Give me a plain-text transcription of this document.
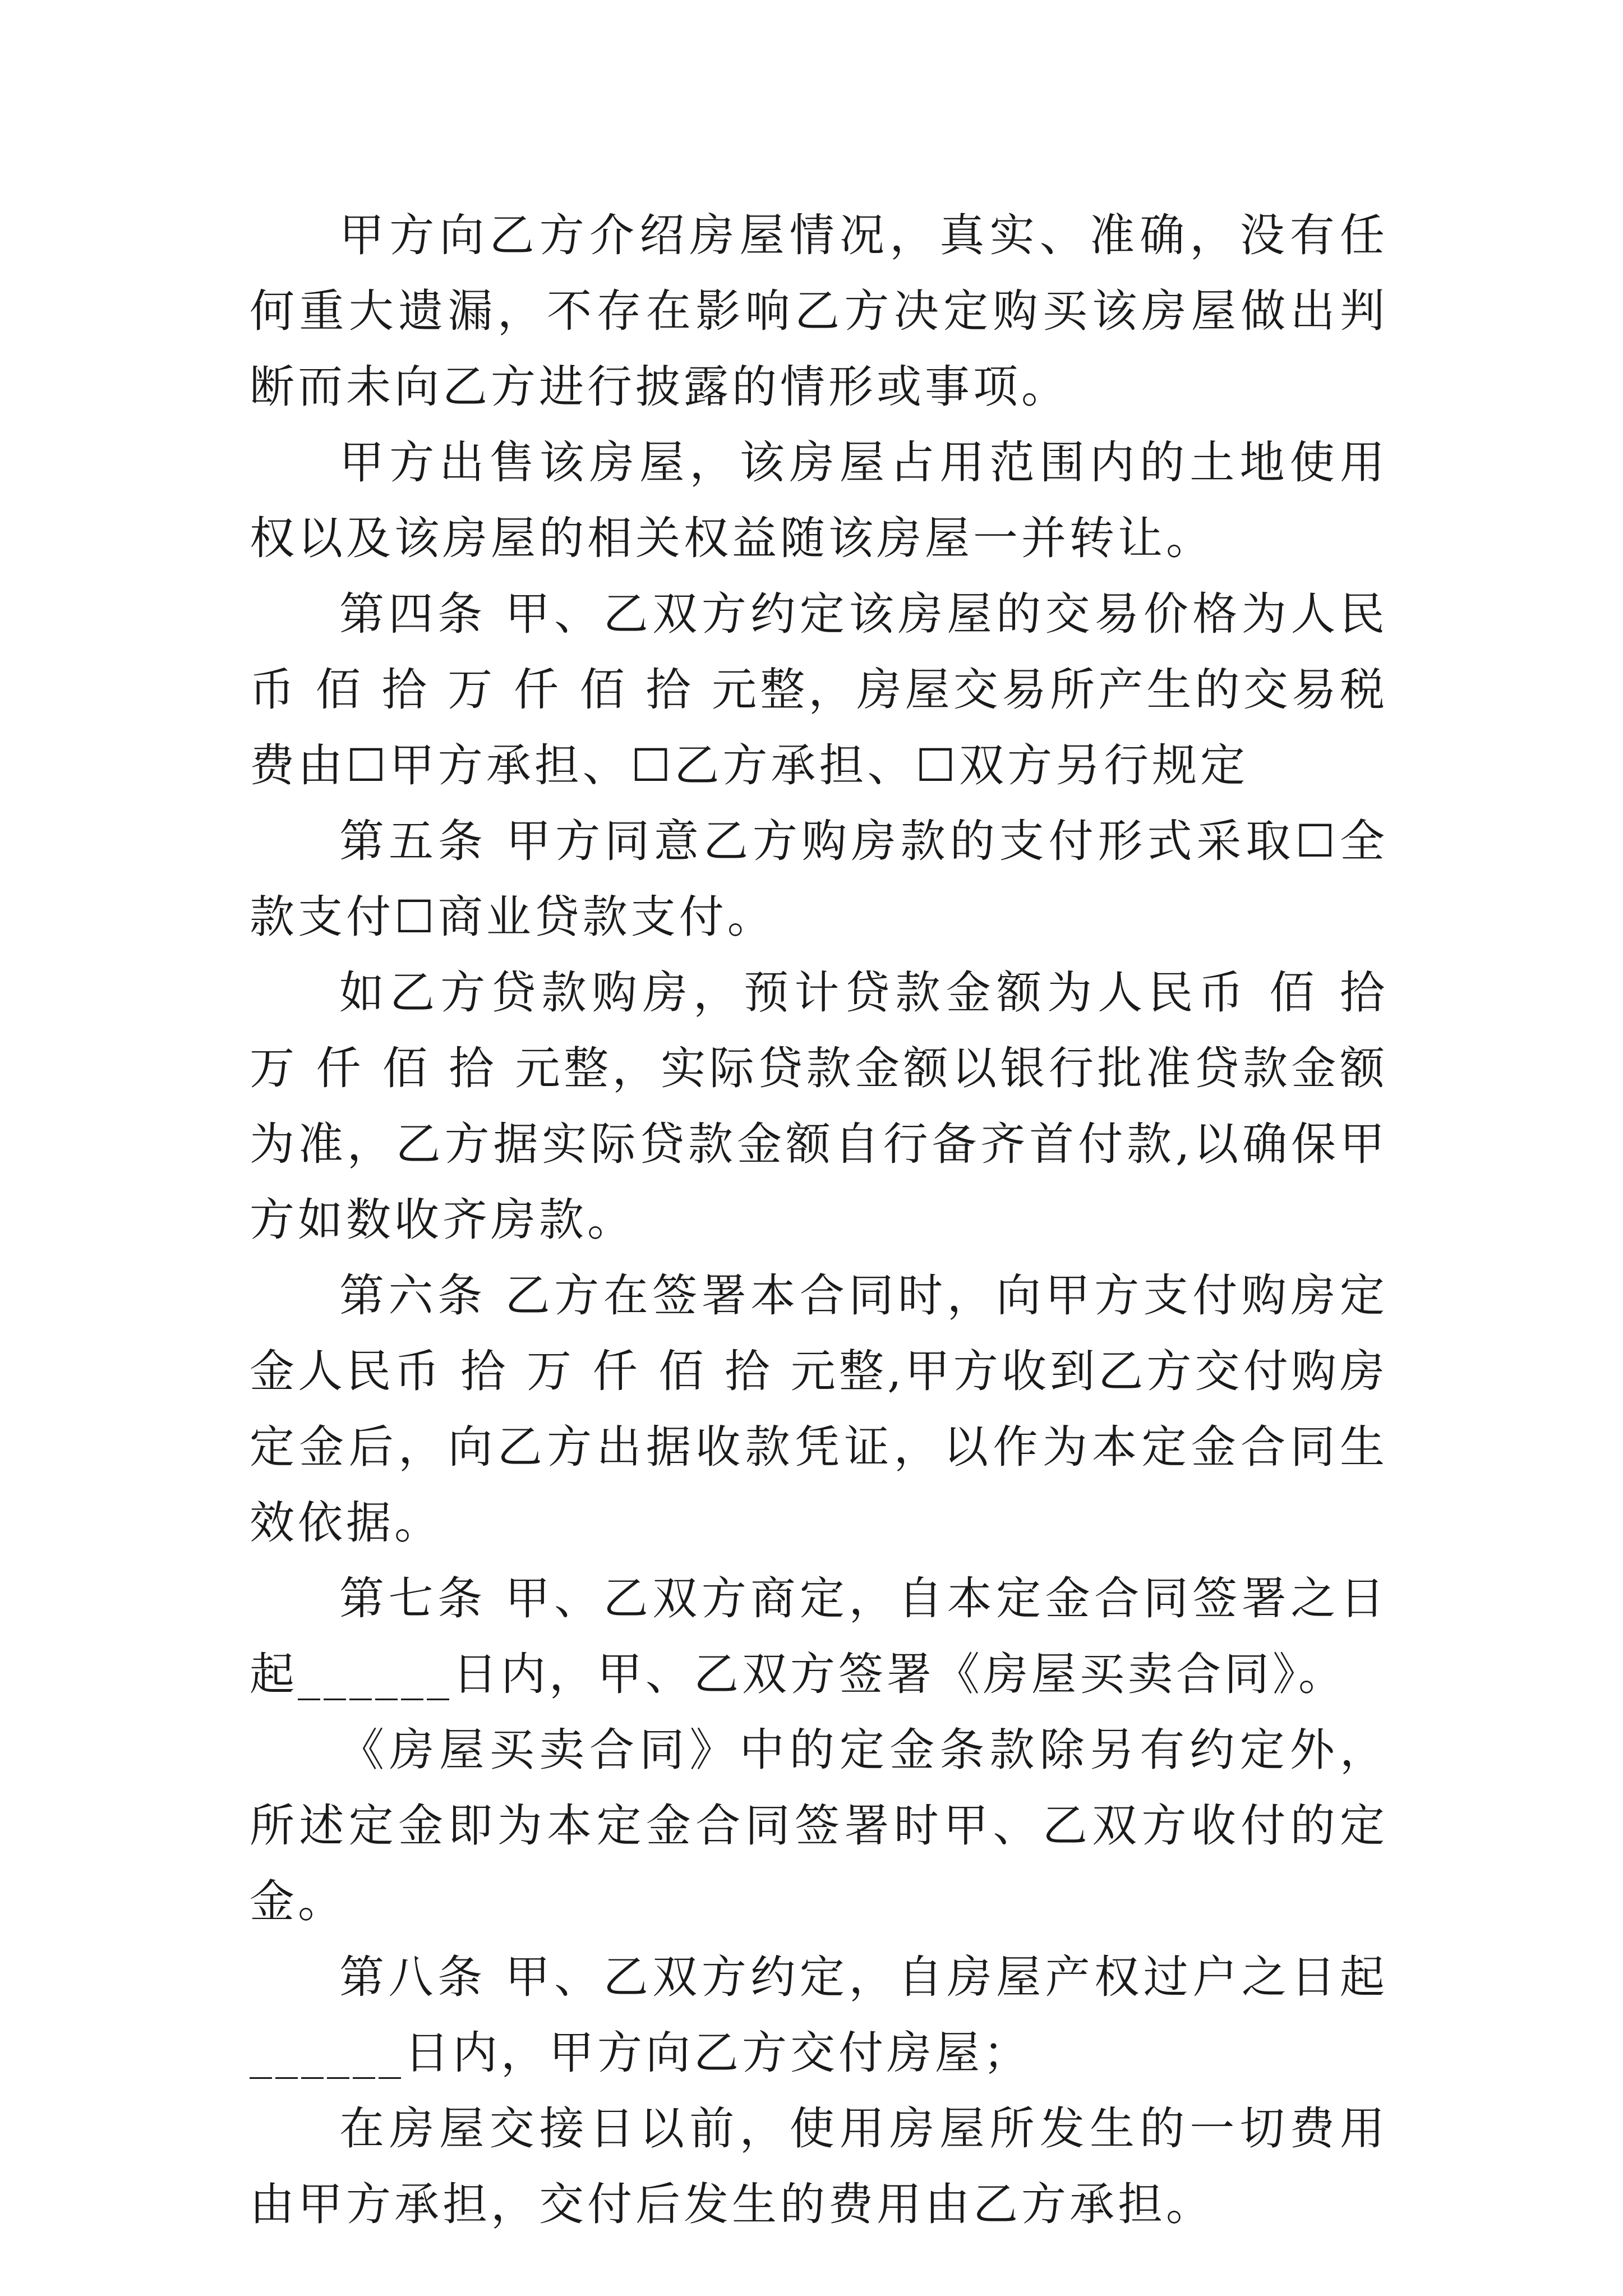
甲方向乙方介绍房屋情况，真实、准确，没有任何重大遗漏，不存在影响乙方决定购买该房屋做出判断而未向乙方进行披露的情形或事项。

甲方出售该房屋，该房屋占用范围内的土地使用权以及该房屋的相关权益随该房屋一并转让。

第四条 甲、乙双方约定该房屋的交易价格为人民币 佰 拾 万 仟 佰 拾 元整，房屋交易所产生的交易税费由☐甲方承担、☐乙方承担、☐双方另行规定

第五条 甲方同意乙方购房款的支付形式采取☐全款支付☐商业贷款支付。

如乙方贷款购房，预计贷款金额为人民币 佰 拾 万 仟 佰 拾 元整，实际贷款金额以银行批准贷款金额为准，乙方据实际贷款金额自行备齐首付款,以确保甲方如数收齐房款。

第六条 乙方在签署本合同时，向甲方支付购房定金人民币 拾 万 仟 佰 拾 元整,甲方收到乙方交付购房定金后，向乙方出据收款凭证，以作为本定金合同生效依据。

第七条 甲、乙双方商定，自本定金合同签署之日起______日内，甲、乙双方签署《房屋买卖合同》。

《房屋买卖合同》中的定金条款除另有约定外，所述定金即为本定金合同签署时甲、乙双方收付的定金。

第八条 甲、乙双方约定，自房屋产权过户之日起______日内，甲方向乙方交付房屋；

在房屋交接日以前，使用房屋所发生的一切费用由甲方承担，交付后发生的费用由乙方承担。
